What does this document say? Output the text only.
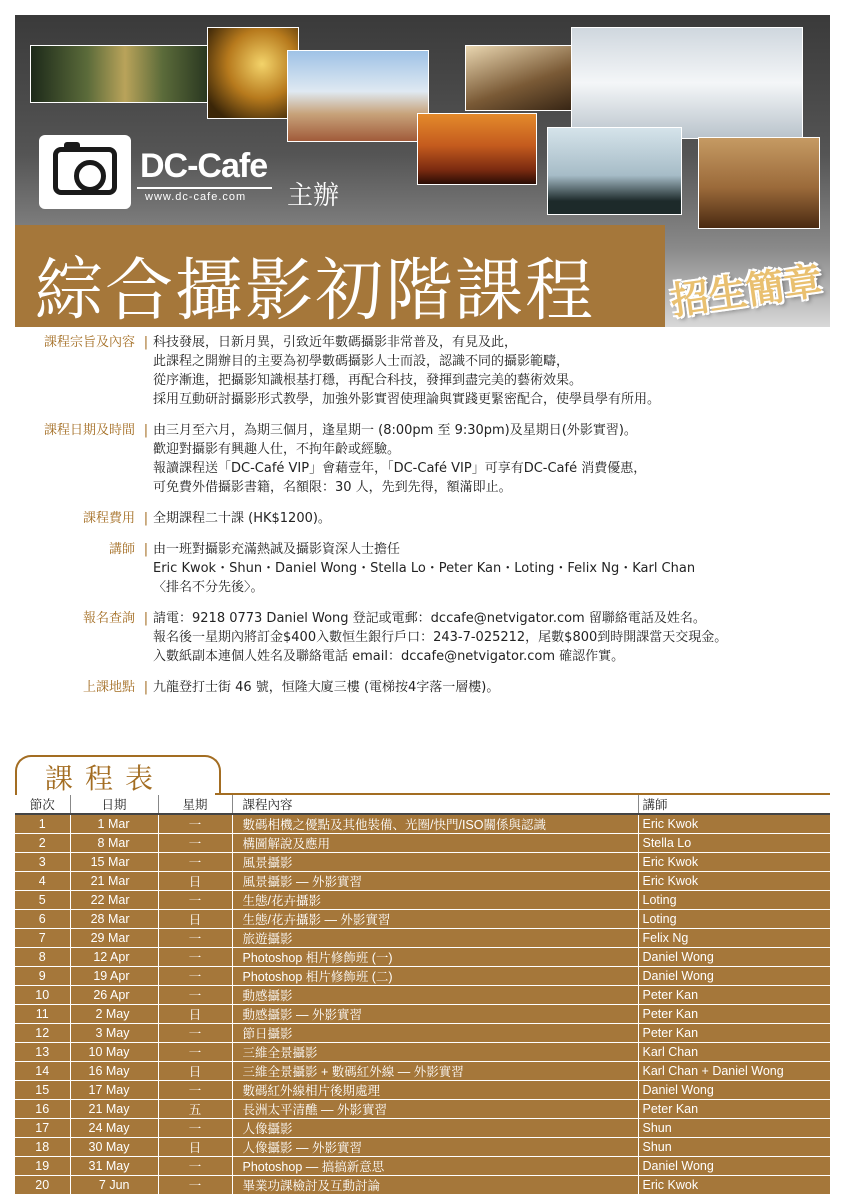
DC-Cafe
www.dc-cafe.com 主辦
綜合攝影初階課程 招生簡章
課程宗旨及內容 | 科技發展，日新月異，引致近年數碼攝影非常普及，有見及此，
此課程之開辦目的主要為初學數碼攝影人士而設，認識不同的攝影範疇，
從序漸進，把攝影知識根基打穩，再配合科技，發揮到盡完美的藝術效果。
採用互動研討攝影形式教學，加強外影實習使理論與實踐更緊密配合，使學員學有所用。
課程日期及時間 | 由三月至六月，為期三個月，逢星期一 (8:00pm 至 9:30pm)及星期日(外影實習)。
歡迎對攝影有興趣人仕，不拘年齡或經驗。
報讀課程送「DC-Café VIP」會藉壹年，「DC-Café VIP」可享有DC-Café 消費優惠，
可免費外借攝影書籍，名額限：30 人，先到先得，額滿即止。
課程費用 | 全期課程二十課 (HK$1200)。
講師 | 由一班對攝影充滿熱誠及攝影資深人士擔任
Eric Kwok・Shun・Daniel Wong・Stella Lo・Peter Kan・Loting・Felix Ng・Karl Chan
〈排名不分先後〉。
報名查詢 | 請電：9218 0773 Daniel Wong 登記或電郵：dccafe@netvigator.com 留聯絡電話及姓名。
報名後一星期內將訂金$400入數恒生銀行戶口：243-7-025212，尾數$800到時開課當天交現金。
入數紙副本連個人姓名及聯絡電話 email：dccafe@netvigator.com 確認作實。
上課地點 | 九龍登打士街 46 號，恒隆大廈三樓 (電梯按4字落一層樓)。
課程表
節次	日期	星期	課程內容	講師
1	1 Mar	一	數碼相機之優點及其他裝備、光圈/快門/ISO關係與認識	Eric Kwok
2	8 Mar	一	構圖解說及應用	Stella Lo
3	15 Mar	一	風景攝影	Eric Kwok
4	21 Mar	日	風景攝影 — 外影實習	Eric Kwok
5	22 Mar	一	生態/花卉攝影	Loting
6	28 Mar	日	生態/花卉攝影 — 外影實習	Loting
7	29 Mar	一	旅遊攝影	Felix Ng
8	12 Apr	一	Photoshop 相片修飾班 (一)	Daniel Wong
9	19 Apr	一	Photoshop 相片修飾班 (二)	Daniel Wong
10	26 Apr	一	動感攝影	Peter Kan
11	2 May	日	動感攝影 — 外影實習	Peter Kan
12	3 May	一	節日攝影	Peter Kan
13	10 May	一	三維全景攝影	Karl Chan
14	16 May	日	三維全景攝影 + 數碼紅外線 — 外影實習	Karl Chan + Daniel Wong
15	17 May	一	數碼紅外線相片後期處理	Daniel Wong
16	21 May	五	長洲太平清醮 — 外影實習	Peter Kan
17	24 May	一	人像攝影	Shun
18	30 May	日	人像攝影 — 外影實習	Shun
19	31 May	一	Photoshop — 搞搞新意思	Daniel Wong
20	7 Jun	一	畢業功課檢討及互動討論	Eric Kwok
